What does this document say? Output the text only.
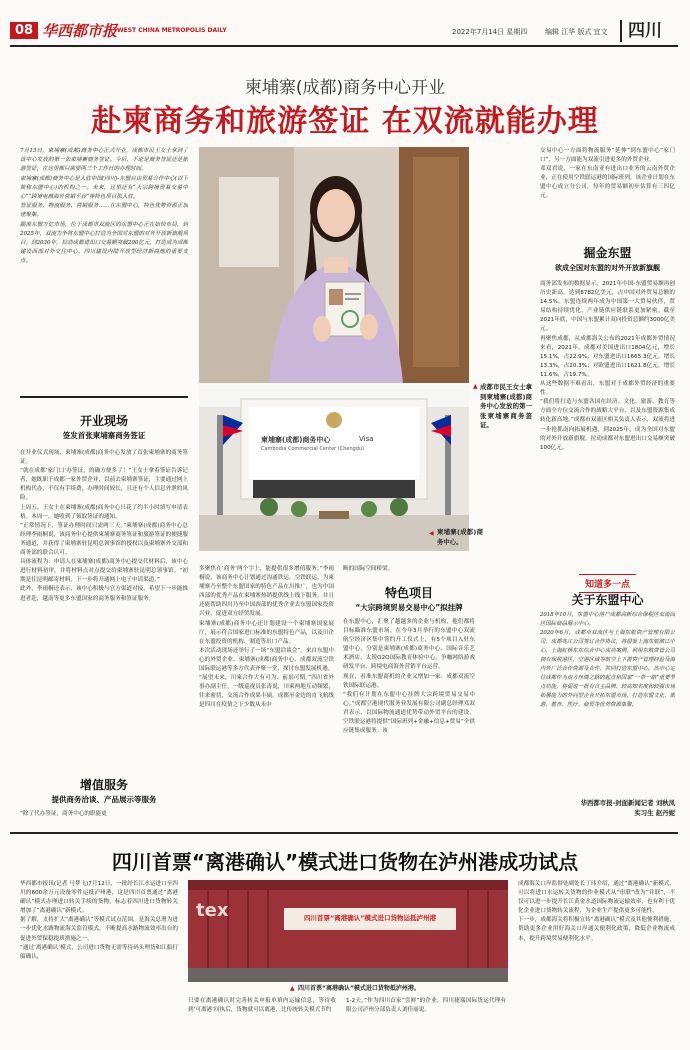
08 华西都市报 WEST CHINA METROPOLIS DAILY	2022年7月14日 星期四	编辑 江华 版式 宜文	四川
柬埔寨(成都)商务中心开业
赴柬商务和旅游签证 在双流就能办理
7月13日，柬埔寨(成都)商务中心正式开业，成都市民王女士拿到了该中心发放的第一张柬埔寨商务签证。今后，不论是商务签证还是旅游签证，在这里都只需要两三个工作日的办理时间。
柬埔寨(成都)商务中心是入驻中国(四川)-东盟自由贸易合作中心(以下简称东盟中心)的机构之一。未来，这里还有“大宗跨境贸易交易中心”“跨境电商海外营销平台”等特色项目拟入驻。
签证服务、物流服务、营销服务……在东盟中心，特色优势资源正加速聚集。
瞄准东盟万亿市场，位于成都市双流区的东盟中心正在如快布局，到2025年，双流力争将东盟中心打造为全国对东盟的对外开放新旗舰项目；到2030年，拉动成都进出口交易额突破200亿元，打造成为成都建设西部对外交往中心、四川建设内陆开放型经济新高地的重要支点。
▲ 成都市民王女士拿到柬埔寨(成都)商务中心发放的第一张柬埔寨商务签证。
柬埔寨(成都)商务中心
Cambodia Commercial Center (Chengdu)
Visa
◀ 柬埔寨(成都)商务中心。
开业现场
签发首张柬埔寨商务签证
在开业仪式现场，柬埔寨(成都)商务中心发放了首张柬埔寨的商务签证。
“就在成都‘家门口’办签证，的确方便多了！”王女士拿着签证告诉记者，她既职于成都一家外贸企业，以前去柬埔寨签证，主要通过网上机构代办，不仅有手续费，办理时间较长，且还有个人信息外泄的风险。
上周五，王女士在柬埔寨(成都)商务中心只花了约半小时填写申请表格。本周一，她收到了领取签证的通知。
“正常情况下，签证办理时间只需两三天。”柬埔寨(成都)商务中心总经理李雨桐说，该商务中心提供柬埔寨商务签证和旅游签证的便捷服务通道，并获得了柬埔寨驻昆明总领事馆的授权以及柬埔寨外交部和商务部的联合认可。
具体流程为：申请人在柬埔寨(成都)商务中心提交代材料后，该中心进行材料初审，并将材料点对点提交给柬埔寨驻昆明总领事馆。“初期是往昆明邮寄材料，下一步将开通网上电子申请渠道。”
此外，李雨桐还表示，该中心积极与官方渠道对接，希望下一步能推进者赴，越南等更多东盟国家的商务服务和签证服务。
增值服务
提供商务洽谈、产品展示等服务
“除了代办签证，商务中心的职能更
多聚焦在‘商务’两个字上，能提供很多增值服务。”李雨桐说，该商务中心计划通过沟通铁运、空铁联运，为柬埔寨乃至整个东盟国家的特色产品在川推广，也为中国西部的优秀产品在柬埔寨热销提供线上线下服务，并且还能帮助四川乃至中国西部的优秀企业去东盟国家投资兴业，促进双方经贸发展。
柬埔寨(成都)商务中心还计划建设一个柬埔寨国家展厅，展示符合国家进口标准的东盟特色产品，以及川企在东盟投资的机构、制造等出口产品。
本次活动现场还举行了一场“东盟洽谈会”。来自东盟中心的外贸企业、柬埔寨(成都)商务中心、成都双流空铁国际联运港等多方代表齐聚一堂，探讨东盟发展机遇。
“展望未来，川柬合作大有可为、前景可期。”四川省外事办副主任，一级巡视员张涛说，川柬两地互动频繁，往来密切，交流合作成果丰硕。成都至金边的直飞航线是四川在疫情之下少数从未中
断的国际空间桥梁。
特色项目
“大宗跨境贸易交易中心”拟挂牌
在东盟中心，汇聚了越越多的企业与机构，他们都将目标瞄准东盟市场。在今年3月举行的东盟中心双流航空经济区集中签约开工仪式上，有5个项目入驻东盟中心，分别是柬埔寨(成都)商务中心、国际音乐艺术酒店、太锐O2O国际教育体验中心、争咖网络游戏研发平台、跨境电商海外营销平台运营。
现在，看准东盟商机的企业又增加一家：成都双流空铁国际联运港。
“我们有计划在东盟中心挂牌大宗跨境贸易交易中心。”成都空港现代服务业发展有限公司副总经理邓双君表示，以国际物流通道优势带动外贸平台的建设，空铁联运港将提供“国际班列+金融+信息+贸易”全供应链集成服务。该
交易中心一方面将物流服务“延伸”到东盟中心“家门口”，另一方面能为双流引进更多的外贸企业。
邓双君说，一家在东南亚有进出口业务的云南外贸企业，正在使用空铁联运港的国际班列，该企业计划在东盟中心成立分公司，每年的贸易额初步估算有三四亿元。
掘金东盟
欲成全国对东盟的对外开放新旗舰
商务部发布的数据显示，2021年中国-东盟贸易额再创历史新高，达到8782亿美元，占中国对外贸易总额的14.5%。东盟连续两年成为中国第一大贸易伙伴，贸易结构持续优化，产业链供应链联系更加紧密。截至2021年底，中国与东盟累计双向投资总额约3000亿美元。
再聚焦成都，从成都海关公布的2021年成都外贸情况来看，2021年，成都对美国进出口1804亿元，增长15.1%，占22.9%；对东盟进出口1665.3亿元，增长13.3%，占20.3%；对欧盟进出口1621.8亿元，增长11.6%，占19.7%。
从这些数据不难看出，东盟对于成都外贸经济的重要性。
“我们将打造与东盟各国在经济、文化、旅游、教育等方面全方位交流合作的战略大平台，以及东盟资源集成转化新高地。”成都市双流区相关负责人表示，双流将进一步抢抓南向拓展机遇，到2025年，成为全国对东盟的对外开放新旗舰，拉动成都对东盟进出口交易额突破100亿元。
知道多一点
关于东盟中心
2018年10月，东盟中心落户成都高新综合保税区双流园区国际商品展示中心。
2020年6月，成都市双流区与上海东航资产管理有限公司、成都兆江公司签订合作协议，将借鉴上海东航滨江中心，上海虹桥东东综合中心成功案例，利用东航资管公司拥有保税港区、空港区域等航空上下游资产管理经验及海内外广泛合作资源及合作，共同打造东盟中心。该中心定位成都作为南方丝绸之路的起点和国家“一带一路”重要节点功能，将促进一批有自主品牌、较高知名度和较强市场拓展能力的外向型企业开拓东盟市场，打造东盟文化、旅游、教育、医疗、商贸等优势资源集聚。
华西都市报-封面新闻记者 刘秋凤
实习生 赵丹妮
四川首票“离港确认”模式进口货物在泸州港成功试点
华西都市报讯(记者 马梦飞)7月12日，一批经长江水运进口至四川的600余万元设备零件运抵泸州港，这是四川首票通过“离港确认”模式办理进口转关手续的货物，标志着四川进口货物转关增加了“离港确认”新模式。
据了解，支持扩大“离港确认”等模式试点范围，是海关总署为进一步优化水路物流海关监管模式，不断提高水路物流效率出台的促进外贸保稳提质措施之一。
“通过‘离港确认’模式，公司进口货物无需等待码头理货和江船打船确认，
tex	四川首票“离港确认”模式进口货物运抵泸州港
▲ 四川首票“离港确认”模式进口货物抵泸州港。
只要在离港确认时完善转关申报单填内运输信息，等待收到‘可离港’回执后，货物就可以离港，比传统转关模式节约
1-2天，”作为四川首家“尝鲜”的企业，四川捷瑞国际货运代理有限公司泸州分部负责人刘佳丽说。
成都海关口岸监督处副处长丁玮介绍，通过“离港确认”新模式，可以将进口水运转关货物的作业模式从“串联”改为“并联”，不仅可以进一步提升长江黄金水道国际物流运输效率，也有利于优化企业进口货物转关流程，为企业生产提供更多可能性。
下一步，成都海关将积极宣传“离港确认”模式及其他便利措施，帮助更多企业用好海关口岸通关便利化政策，降低企业物流成本，提升跨境贸易便利化水平。
